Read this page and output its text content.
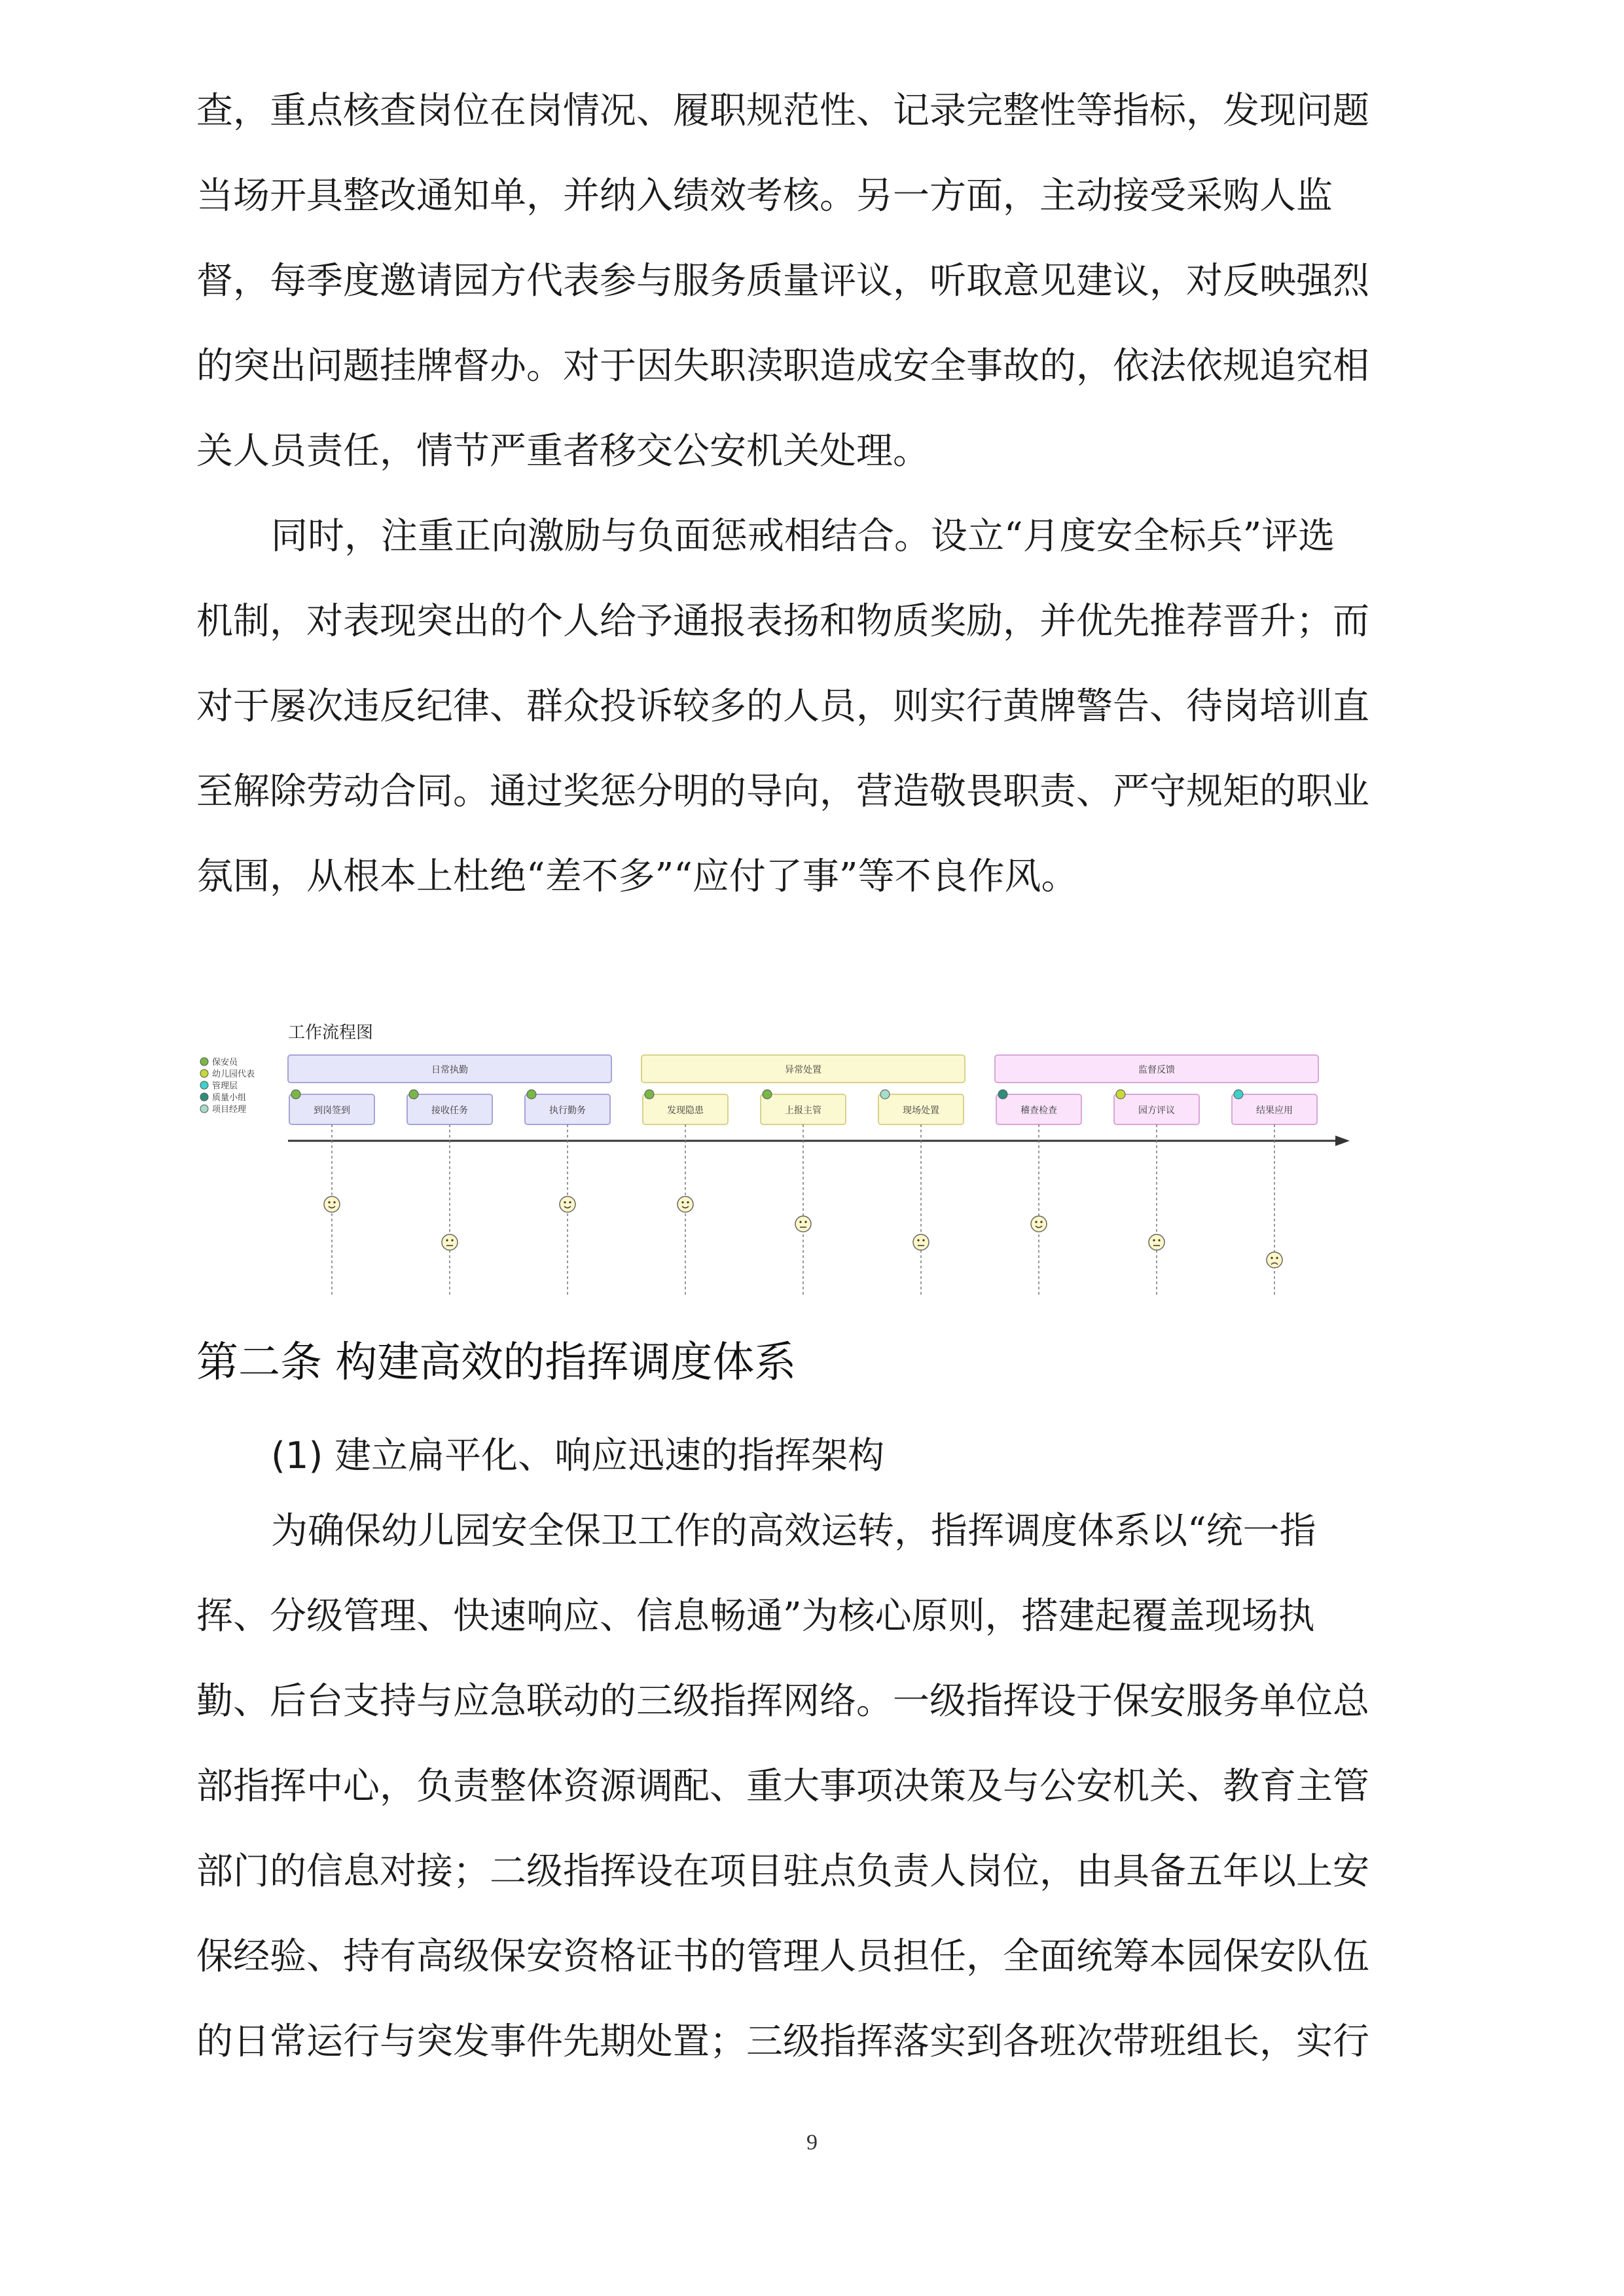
查，重点核查岗位在岗情况、履职规范性、记录完整性等指标，发现问题
当场开具整改通知单，并纳入绩效考核。另一方面，主动接受采购人监
督，每季度邀请园方代表参与服务质量评议，听取意见建议，对反映强烈
的突出问题挂牌督办。对于因失职渎职造成安全事故的，依法依规追究相
关人员责任，情节严重者移交公安机关处理。
同时，注重正向激励与负面惩戒相结合。设立“月度安全标兵”评选
机制，对表现突出的个人给予通报表扬和物质奖励，并优先推荐晋升；而
对于屡次违反纪律、群众投诉较多的人员，则实行黄牌警告、待岗培训直
至解除劳动合同。通过奖惩分明的导向，营造敬畏职责、严守规矩的职业
氛围，从根本上杜绝“差不多”“应付了事”等不良作风。
工作流程图
保安员
幼儿园代表
管理层
质量小组
项目经理
日常执勤	异常处置	监督反馈
到岗签到	接收任务	执行勤务	发现隐患	上报主管	现场处置	稽查检查	园方评议	结果应用
第二条 构建高效的指挥调度体系

(1) 建立扁平化、响应迅速的指挥架构

为确保幼儿园安全保卫工作的高效运转，指挥调度体系以“统一指
挥、分级管理、快速响应、信息畅通”为核心原则，搭建起覆盖现场执
勤、后台支持与应急联动的三级指挥网络。一级指挥设于保安服务单位总
部指挥中心，负责整体资源调配、重大事项决策及与公安机关、教育主管
部门的信息对接；二级指挥设在项目驻点负责人岗位，由具备五年以上安
保经验、持有高级保安资格证书的管理人员担任，全面统筹本园保安队伍
的日常运行与突发事件先期处置；三级指挥落实到各班次带班组长，实行
9
